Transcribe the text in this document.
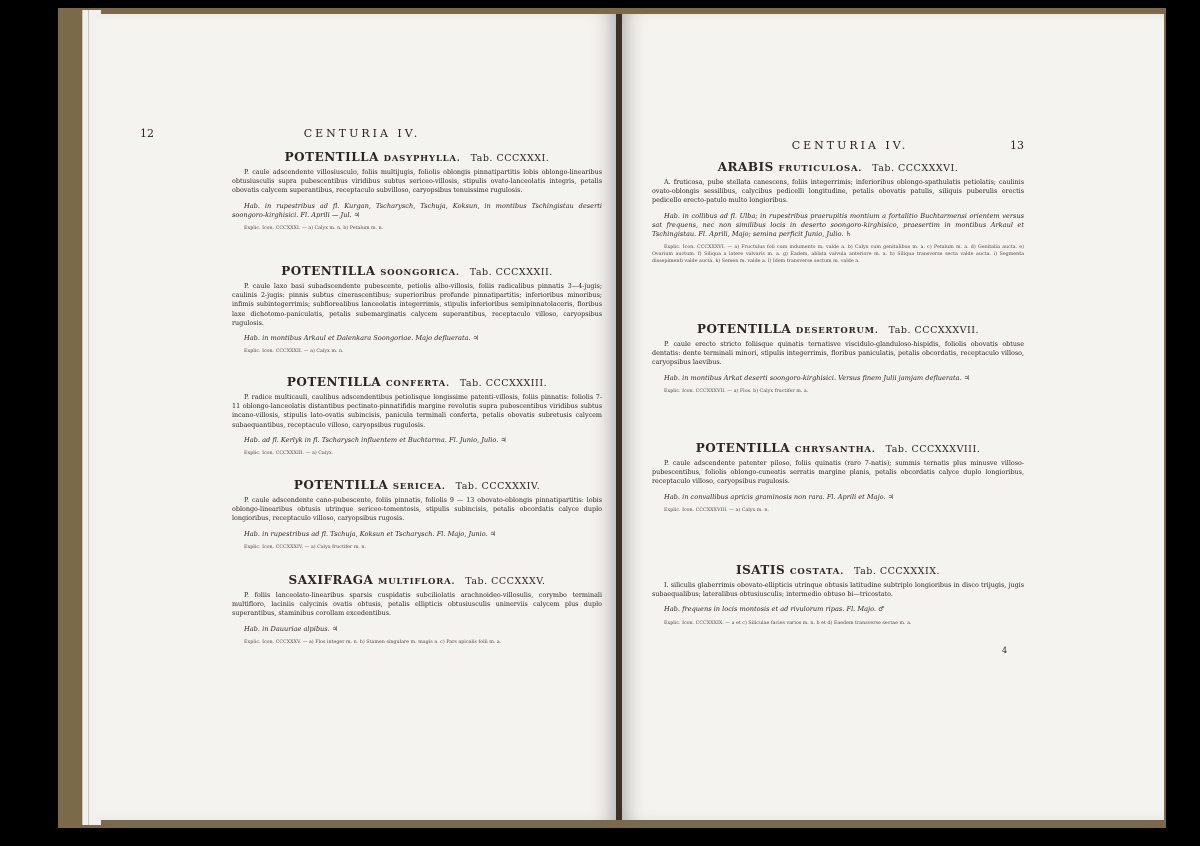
12	CENTURIA IV.
CENTURIA IV.	13
POTENTILLA DASYPHYLLA. Tab. CCCXXXI.

P. caule adscendente villosiusculo, foliis multijugis, foliolis oblongis pinnatipartitis lobis oblongo-linearibus obtusiusculis supra pubescentibus viridibus subtus sericeo-villosis, stipulis ovato-lanceolatis integris, petalis obovatis calycem superantibus, receptaculo subvilloso, caryopsibus tenuissime rugulosis.

Hab. in rupestribus ad fl. Kurgan, Tscharysch, Tschuja, Koksun, in montibus Tschingistau deserti soongoro-kirghisici. Fl. Aprili — Jul. ♃

Explic. Icon. CCCXXXI. — a) Calyx m. n. b) Petalum m. n.

POTENTILLA SOONGORICA. Tab. CCCXXXII.

P. caule laxo basi subadscendente pubescente, petiolis albo-villosis, foliis radicalibus pinnatis 3—4-jugis; caulinis 2-jugis: pinnis subtus cinerascentibus; superioribus profunde pinnatipartitis; inferioribus minoribus; infimis subintegerrimis; subflorealibus lanceolatis integerrimis, stipulis inferioribus semipinnatolaceris, floribus laxe dichotomo-paniculatis, petalis subemarginatis calycem superantibus, receptaculo villoso, caryopsibus rugulosis.

Hab. in montibus Arkaul et Dalenkara Soongoriae. Majo defluerata. ♃

Explic. Icon. CCCXXXII. — a) Calyx m. n.

POTENTILLA CONFERTA. Tab. CCCXXXIII.

P. radice multicauli, caulibus adscendentibus petiolisque longissime patenti-villosis, foliis pinnatis: foliolis 7-11 oblongo-lanceolatis distantibus pectinato-pinnatifidis margine revolutis supra pubescentibus viridibus subtus incano-villosis, stipulis lato-ovatis subincisis, panicula terminali conferta, petalis obovatis subretusis calycem subaequantibus, receptaculo villoso, caryopsibus rugulosis.

Hab. ad fl. Kerlyk in fl. Tscharysch influentem et Buchtarma. Fl. Junio, Julio. ♃

Explic. Icon. CCCXXXIII. — a) Calyx.

POTENTILLA SERICEA. Tab. CCCXXXIV.

P. caule adscendente cano-pubescente, foliis pinnatis, foliolis 9 — 13 obovato-oblongis pinnatipartitis: lobis oblongo-linearibus obtusis utrinque sericeo-tomentosis, stipulis subincisis, petalis obcordatis calyce duplo longioribus, receptaculo villoso, caryopsibus rugosis.

Hab. in rupestribus ad fl. Tschuja, Koksun et Tscharysch. Fl. Majo, Junio. ♃

Explic. Icon. CCCXXXIV. — a) Calyx fructifer m. n.

SAXIFRAGA MULTIFLORA. Tab. CCCXXXV.

P. foliis lanceolato-linearibus sparsis cuspidatis subciliolatis arachnoideo-villosulis, corymbo terminali multifloro, laciniis calycinis ovatis obtusis, petalis ellipticis obtusiusculis uninerviis calycem plus duplo superantibus, staminibus corollam excedentibus.

Hab. in Dauuriae alpibus. ♃

Explic. Icon. CCCXXXV. — a) Flos integer m. n. b) Stamen singulare m. magis a. c) Pars apicalis folii m. a.

ARABIS FRUTICULOSA. Tab. CCCXXXVI.

A. fruticosa, pube stellata canescens, foliis integerrimis; inferioribus oblongo-spathulatis petiolatis; caulinis ovato-oblongis sessilibus, calycibus pedicelli longitudine, petalis obovatis patulis, siliquis puberulis erectis pedicello erecto-patulo multo longioribus.

Hab. in collibus ad fl. Ulba; in rupestribus praerupitis montium a fortalitio Buchtarmensi orientem versus sat frequens, nec non similibus locis in deserto soongoro-kirghisico, praesertim in montibus Arkaul et Tschingistau. Fl. Aprili, Majo; semina perficit Junio, Julio. ♄

Explic. Icon. CCCXXXVI. — a) Fructulus foli cum indumento m. valde a. b) Calyx cum genitalibus m. a. c) Petalum m. a. d) Genitalia aucta. e) Ovarium auctum. f) Siliqua a latere valvaris m. a. g) Eadem, ablata valvula anteriore m. a. h) Siliqua transverse secta valde aucta. i) Segmenta dissepimenti valde aucta. k) Semen m. valde a. l) Idem transverse sectum m. valde a.

POTENTILLA DESERTORUM. Tab. CCCXXXVII.

P. caule erecto stricto foliisque quinatis ternatisve viscidulo-glanduloso-hispidis, foliolis obovatis obtuse dentatis: dente terminali minori, stipulis integerrimis, floribus paniculatis, petalis obcordatis, receptaculo villoso, caryopsibus laevibus.

Hab. in montibus Arkat deserti soongoro-kirghisici. Versus finem Julii jamjam defluerata. ♃

Explic. Icon. CCCXXXVII. — a) Flos. b) Calyx fructifer m. a.

POTENTILLA CHRYSANTHA. Tab. CCCXXXVIII.

P. caule adscendente patenter piloso, foliis quinatis (raro 7-natis); summis ternatis plus minusve villoso-pubescentibus, foliolis oblongo-cuneatis serratis margine planis, petalis obcordatis calyce duplo longioribus, receptaculo villoso, caryopsibus rugulosis.

Hab. in convallibus apricis graminosis non rara. Fl. Aprili et Majo. ♃

Explic. Icon. CCCXXXVIII. — a) Calyx m. n.

ISATIS COSTATA. Tab. CCCXXXIX.

I. siliculis glaberrimis obovato-ellipticis utrinque obtusis latitudine subtriplo longioribus in disco trijugis, jugis subaequalibus; lateralibus obtusiusculis; intermedio obtuso bi—tricostato.

Hab. frequens in locis montosis et ad rivulorum ripas. Fl. Majo. ♂

Explic. Icon. CCCXXXIX. — a et c) Siliculae facies varios m. n. b et d) Eaedem transverse sectae m. a.

4
